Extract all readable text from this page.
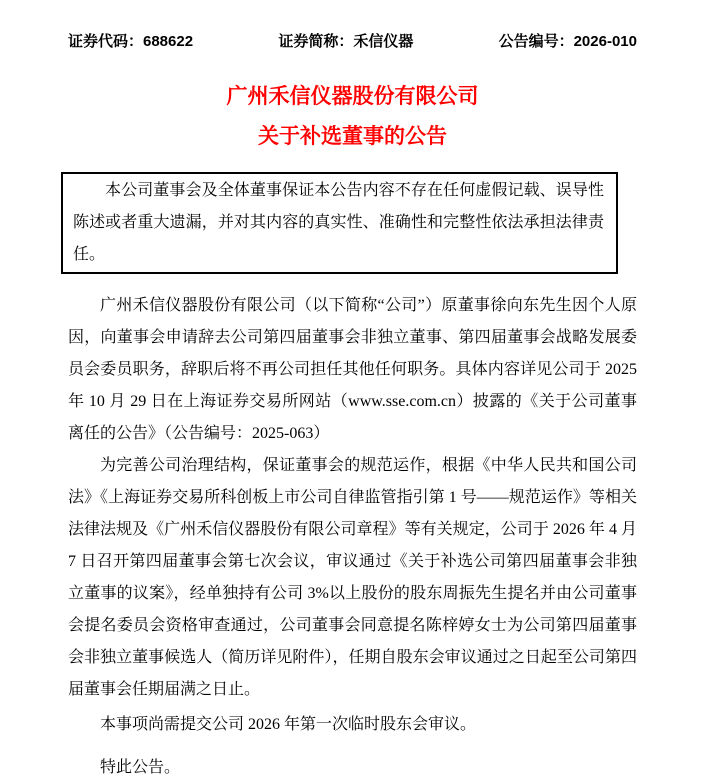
证券代码：688622	证券简称：禾信仪器	公告编号：2026-010
广州禾信仪器股份有限公司
关于补选董事的公告
本公司董事会及全体董事保证本公告内容不存在任何虚假记载、误导性陈述或者重大遗漏，并对其内容的真实性、准确性和完整性依法承担法律责任。

广州禾信仪器股份有限公司（以下简称“公司”）原董事徐向东先生因个人原因，向董事会申请辞去公司第四届董事会非独立董事、第四届董事会战略发展委员会委员职务，辞职后将不再公司担任其他任何职务。具体内容详见公司于 2025 年 10 月 29 日在上海证券交易所网站（www.sse.com.cn）披露的《关于公司董事离任的公告》（公告编号：2025-063）

为完善公司治理结构，保证董事会的规范运作，根据《中华人民共和国公司法》《上海证券交易所科创板上市公司自律监管指引第 1 号——规范运作》等相关法律法规及《广州禾信仪器股份有限公司章程》等有关规定，公司于 2026 年 4 月 7 日召开第四届董事会第七次会议，审议通过《关于补选公司第四届董事会非独立董事的议案》，经单独持有公司 3%以上股份的股东周振先生提名并由公司董事会提名委员会资格审查通过，公司董事会同意提名陈梓婷女士为公司第四届董事会非独立董事候选人（简历详见附件），任期自股东会审议通过之日起至公司第四届董事会任期届满之日止。

本事项尚需提交公司 2026 年第一次临时股东会审议。

特此公告。
